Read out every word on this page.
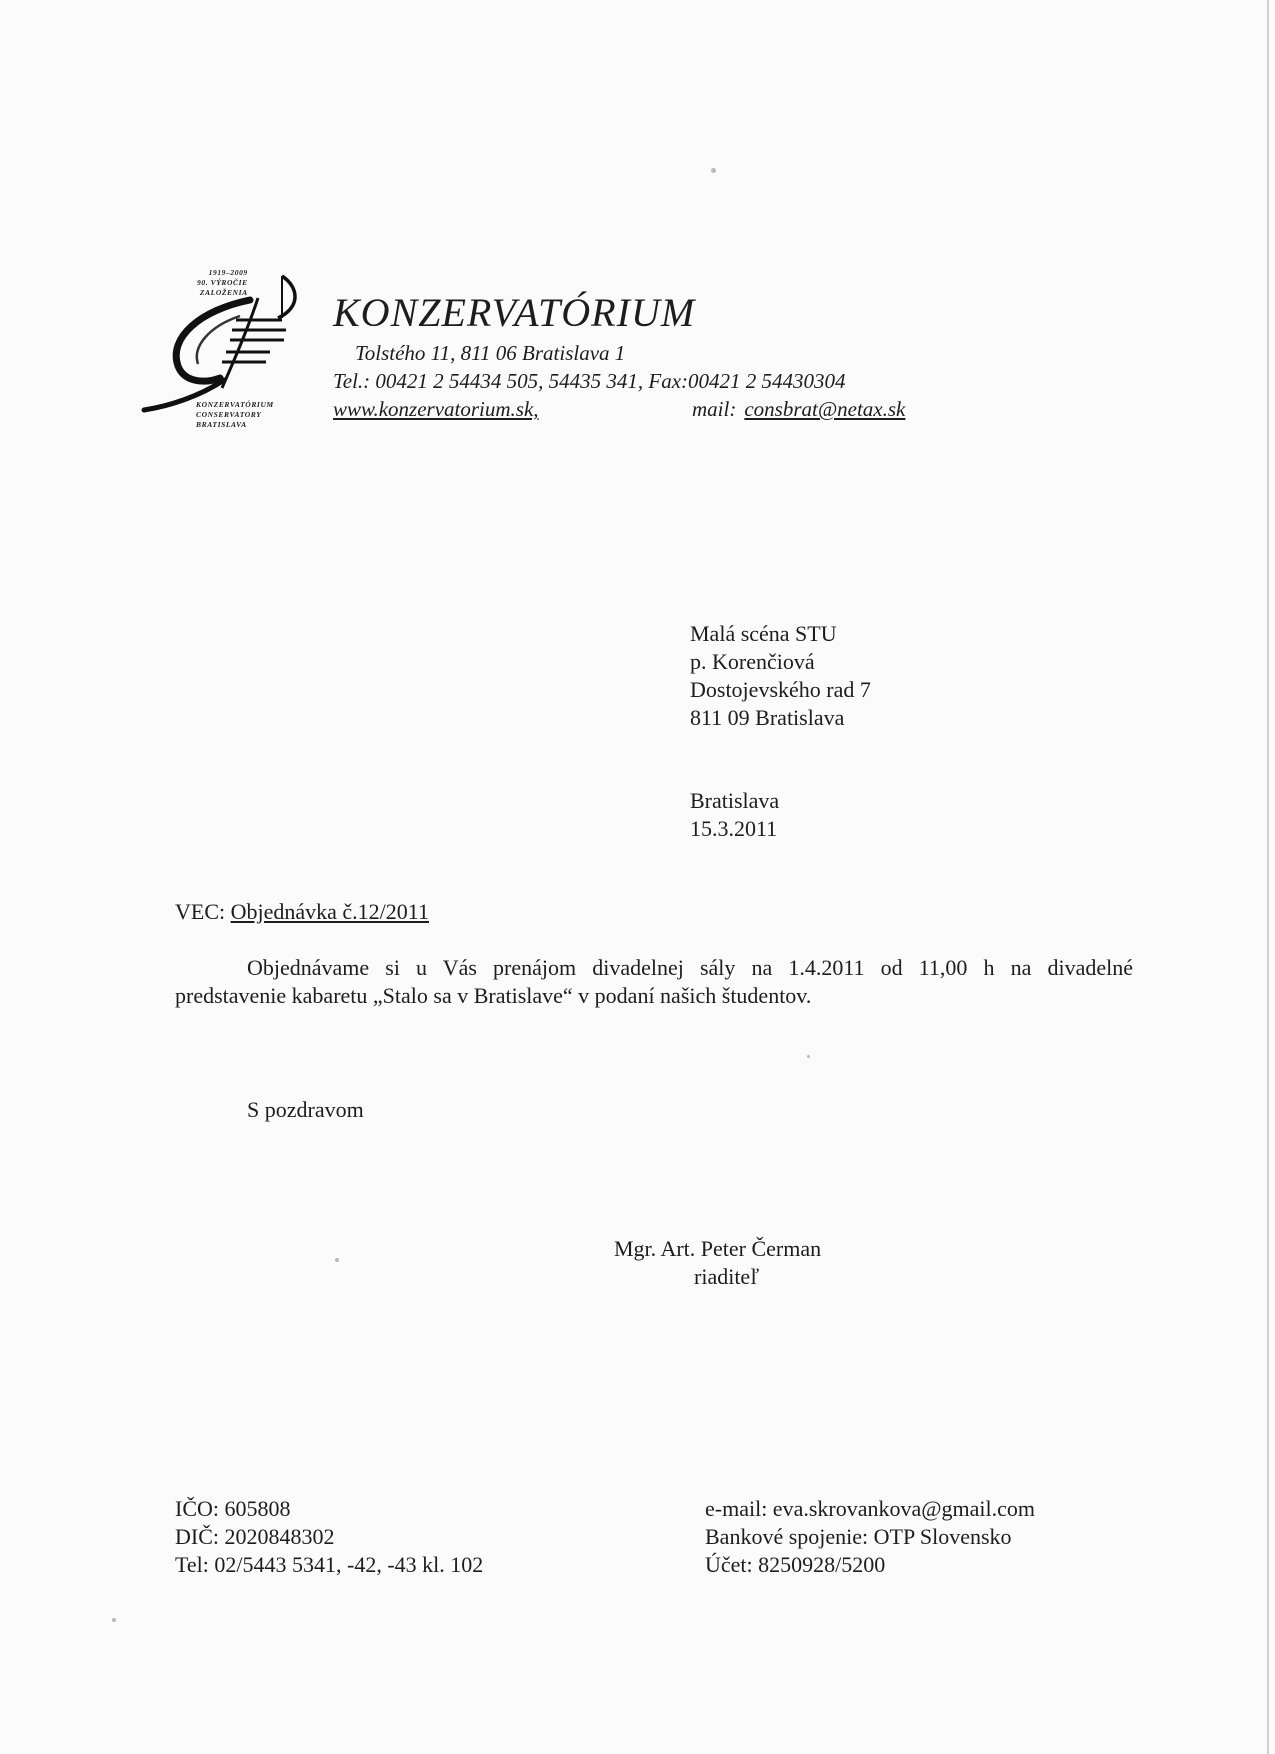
1919–2009
90. VÝROČIE
ZALOŽENIA
KONZERVATÓRIUM
CONSERVATORY
BRATISLAVA
KONZERVATÓRIUM
Tolstého 11, 811 06 Bratislava 1
Tel.: 00421 2 54434 505, 54435 341, Fax:00421 2 54430304
www.konzervatorium.sk,	mail: consbrat@netax.sk
Malá scéna STU
p. Korenčiová
Dostojevského rad 7
811 09 Bratislava
Bratislava
15.3.2011
VEC: Objednávka č.12/2011
Objednávame si u Vás prenájom divadelnej sály na 1.4.2011 od 11,00 h na divadelné
predstavenie kabaretu „Stalo sa v Bratislave“ v podaní našich študentov.
S pozdravom
Mgr. Art. Peter Čerman
riaditeľ
IČO: 605808
DIČ: 2020848302
Tel: 02/5443 5341, -42, -43 kl. 102
e-mail: eva.skrovankova@gmail.com
Bankové spojenie: OTP Slovensko
Účet: 8250928/5200
